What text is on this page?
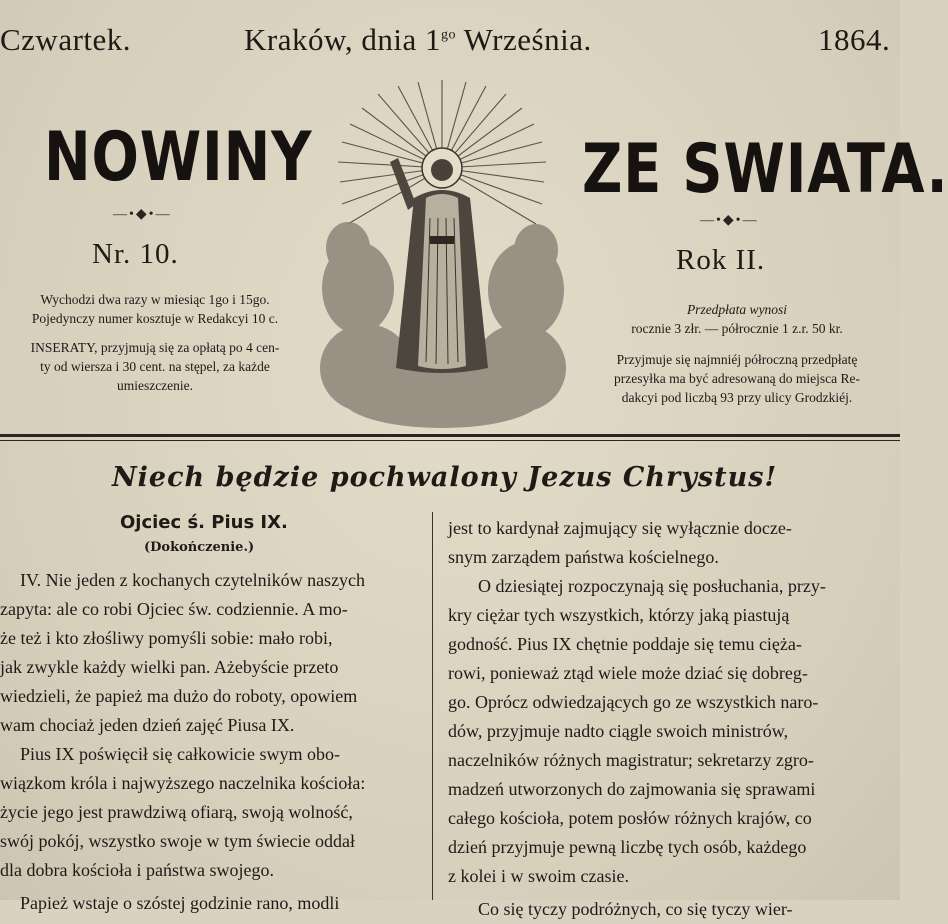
Czwartek.	Kraków, dnia $1^{go}$ Września.	1864.
NOWINY	ZE SWIATA.
—•◆•—	—•◆•—
Nr. 10.	Rok II.
Wychodzi dwa razy w miesiąc 1go i 15go.
Pojedynczy numer kosztuje w Redakcyi 10 c.
INSERATY, przyjmują się za opłatą po 4 cen-
ty od wiersza i 30 cent. na stępel, za każde
umieszczenie.
Przedpłata wynosi
rocznie 3 złr. — półrocznie 1 z.r. 50 kr.
Przyjmuje się najmniéj półroczną przedpłatę
przesyłka ma być adresowaną do miejsca Re-
dakcyi pod liczbą 93 przy ulicy Grodzkiéj.
Niech będzie pochwalony Jezus Chrystus!
Ojciec ś. Pius IX.
(Dokończenie.)

IV. Nie jeden z kochanych czytelników naszych

zapyta: ale co robi Ojciec św. codziennie. A mo-

że też i kto złośliwy pomyśli sobie: mało robi,

jak zwykle każdy wielki pan. Ażebyście przeto

wiedzieli, że papież ma dużo do roboty, opowiem

wam chociaż jeden dzień zajęć Piusa IX.

Pius IX poświęcił się całkowicie swym obo-

wiązkom króla i najwyższego naczelnika kościoła:

życie jego jest prawdziwą ofiarą, swoją wolność,

swój pokój, wszystko swoje w tym świecie oddał

dla dobra kościoła i państwa swojego.

Papież wstaje o szóstej godzinie rano, modli

jest to kardynał zajmujący się wyłącznie docze-

snym zarządem państwa kościelnego.

O dziesiątej rozpoczynają się posłuchania, przy-

kry ciężar tych wszystkich, którzy jaką piastują

godność. Pius IX chętnie poddaje się temu cięża-

rowi, ponieważ ztąd wiele może dziać się dobreg-

go. Oprócz odwiedzających go ze wszystkich naro-

dów, przyjmuje nadto ciągle swoich ministrów,

naczelników różnych magistratur; sekretarzy zgro-

madzeń utworzonych do zajmowania się sprawami

całego kościoła, potem posłów różnych krajów, co

dzień przyjmuje pewną liczbę tych osób, każdego

z kolei i w swoim czasie.

Co się tyczy podróżnych, co się tyczy wier-
